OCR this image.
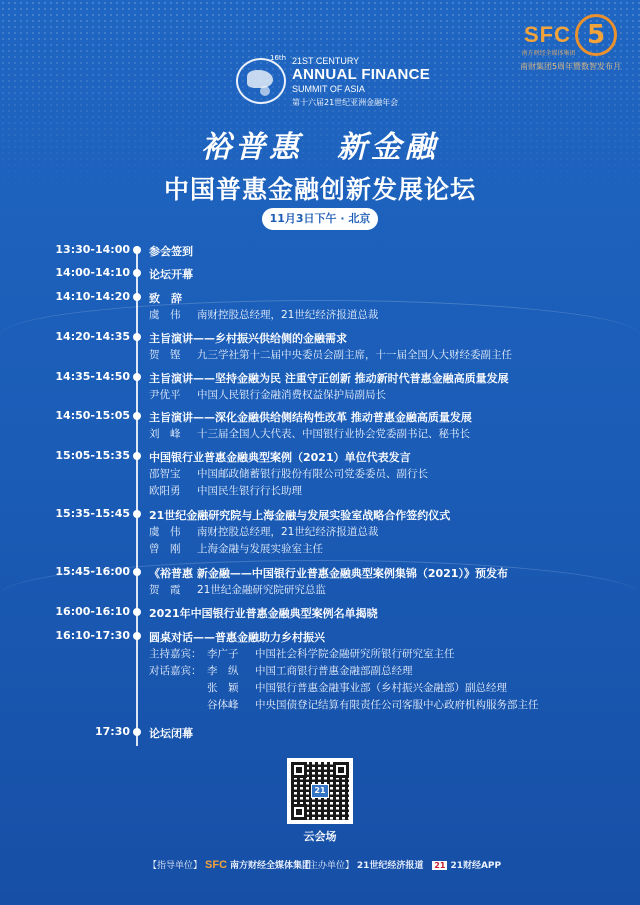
SFC 5
南方财经全媒体集团
南财集团5周年暨数智发布月
16th 21ST CENTURY
ANNUAL FINANCE
SUMMIT OF ASIA
第十六届21世纪亚洲金融年会
裕普惠 新金融
中国普惠金融创新发展论坛
11月3日下午 · 北京
13:30-14:00 参会签到
14:00-14:10 论坛开幕
14:10-14:20 致　辞
虞　伟 南财控股总经理，21世纪经济报道总裁
14:20-14:35 主旨演讲——乡村振兴供给侧的金融需求
贺　铿 九三学社第十二届中央委员会副主席，十一届全国人大财经委副主任
14:35-14:50 主旨演讲——坚持金融为民 注重守正创新 推动新时代普惠金融高质量发展
尹优平 中国人民银行金融消费权益保护局副局长
14:50-15:05 主旨演讲——深化金融供给侧结构性改革 推动普惠金融高质量发展
刘　峰 十三届全国人大代表、中国银行业协会党委副书记、秘书长
15:05-15:35 中国银行业普惠金融典型案例（2021）单位代表发言
邵智宝 中国邮政储蓄银行股份有限公司党委委员、副行长
欧阳勇 中国民生银行行长助理
15:35-15:45 21世纪金融研究院与上海金融与发展实验室战略合作签约仪式
虞　伟 南财控股总经理，21世纪经济报道总裁
曾　刚 上海金融与发展实验室主任
15:45-16:00 《裕普惠 新金融——中国银行业普惠金融典型案例集锦（2021）》预发布
贺　霞 21世纪金融研究院研究总监
16:00-16:10 2021年中国银行业普惠金融典型案例名单揭晓
16:10-17:30 圆桌对话——普惠金融助力乡村振兴
主持嘉宾： 李广子 中国社会科学院金融研究所银行研究室主任
对话嘉宾： 李　纵 中国工商银行普惠金融部副总经理
张　颖 中国银行普惠金融事业部（乡村振兴金融部）副总经理
谷体峰 中央国债登记结算有限责任公司客服中心政府机构服务部主任
17:30 论坛闭幕
21
云会场
【指导单位】 SFC 南方财经全媒体集团
【主办单位】 21世纪经济报道 21 21财经APP
